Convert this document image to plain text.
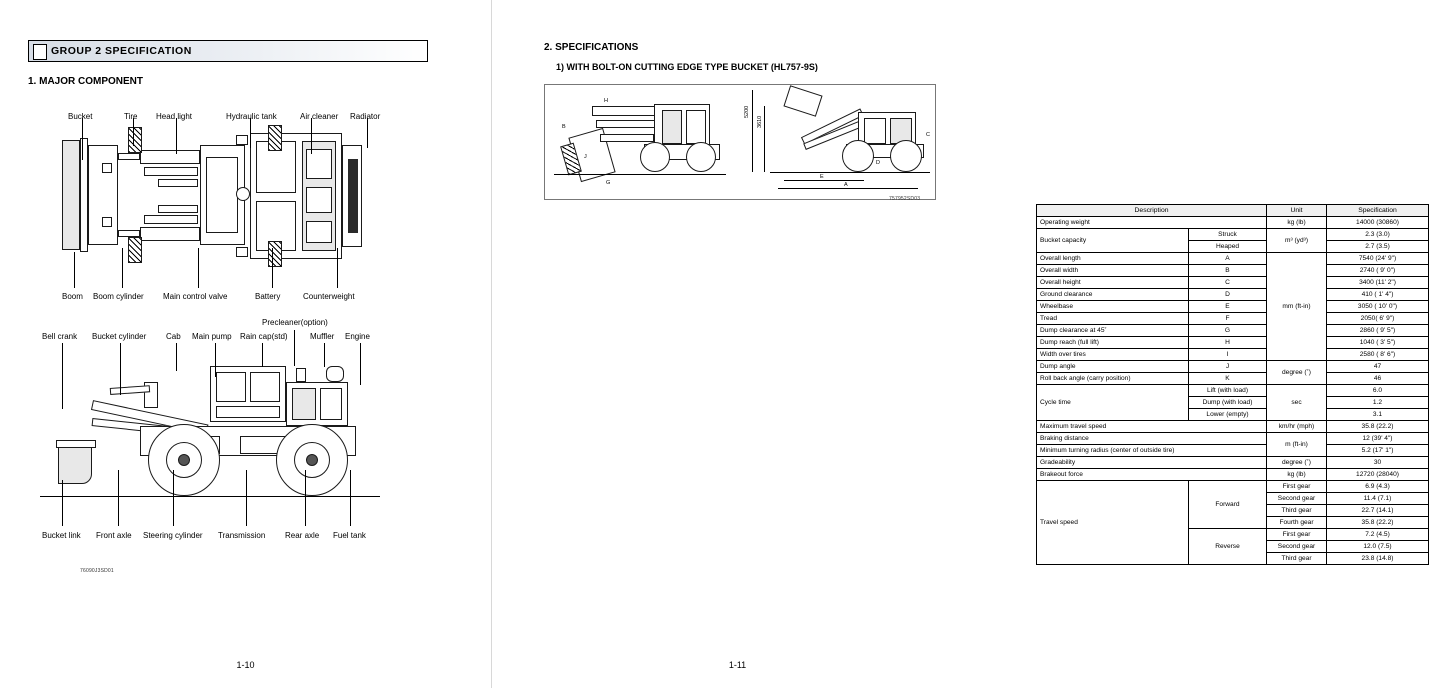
GROUP 2 SPECIFICATION
1. MAJOR COMPONENT
Bucket	Tire Head light	Hydraulic tank	Air cleaner Radiator
Boom Boom cylinder Main control valve	Battery	Counterweight
Precleaner(option)
Bell crank Bucket cylinder Cab Main pump Rain cap(std)	Muffler Engine
Bucket link Front axle Steering cylinder Transmission Rear axle Fuel tank
76090J3SD01
1-10
2. SPECIFICATIONS
1) WITH BOLT-ON CUTTING EDGE TYPE BUCKET (HL757-9S)
B
H
G
J
5200
3610
E
A
C
D
757952SD03
Description		Unit	Specification
Operating weight		kg (lb)	14000 (30860)
Bucket capacity	Struck	m³ (yd³)	2.3 (3.0)
	Heaped		2.7 (3.5)
Overall length	A	mm (ft-in)	7540 (24' 9")
Overall width	B		2740 ( 9' 0")
Overall height	C		3400 (11' 2")
Ground clearance	D		410 ( 1' 4")
Wheelbase	E		3050 ( 10' 0")
Tread	F		2050( 6' 9")
Dump clearance at 45˚	G		2860 ( 9' 5")
Dump reach (full lift)	H		1040 ( 3' 5")
Width over tires	I		2580 ( 8' 6")
Dump angle	J	degree (˚)	47
Roll back angle (carry position)	K		46
Cycle time	Lift (with load)	sec	6.0
	Dump (with load)		1.2
	Lower (empty)		3.1
Maximum travel speed		km/hr (mph)	35.8 (22.2)
Braking distance		m (ft-in)	12 (39' 4")
Minimum turning radius (center of outside tire)			5.2 (17' 1")
Gradeability		degree (˚)	30
Brakeout force		kg (lb)	12720 (28040)
Travel speed	Forward	First gear	6.9 (4.3)
		Second gear	11.4 (7.1)
		Third gear	22.7 (14.1)
		Fourth gear	35.8 (22.2)
	Reverse	First gear	7.2 (4.5)
		Second gear	12.0 (7.5)
		Third gear	23.8 (14.8)
1-11
